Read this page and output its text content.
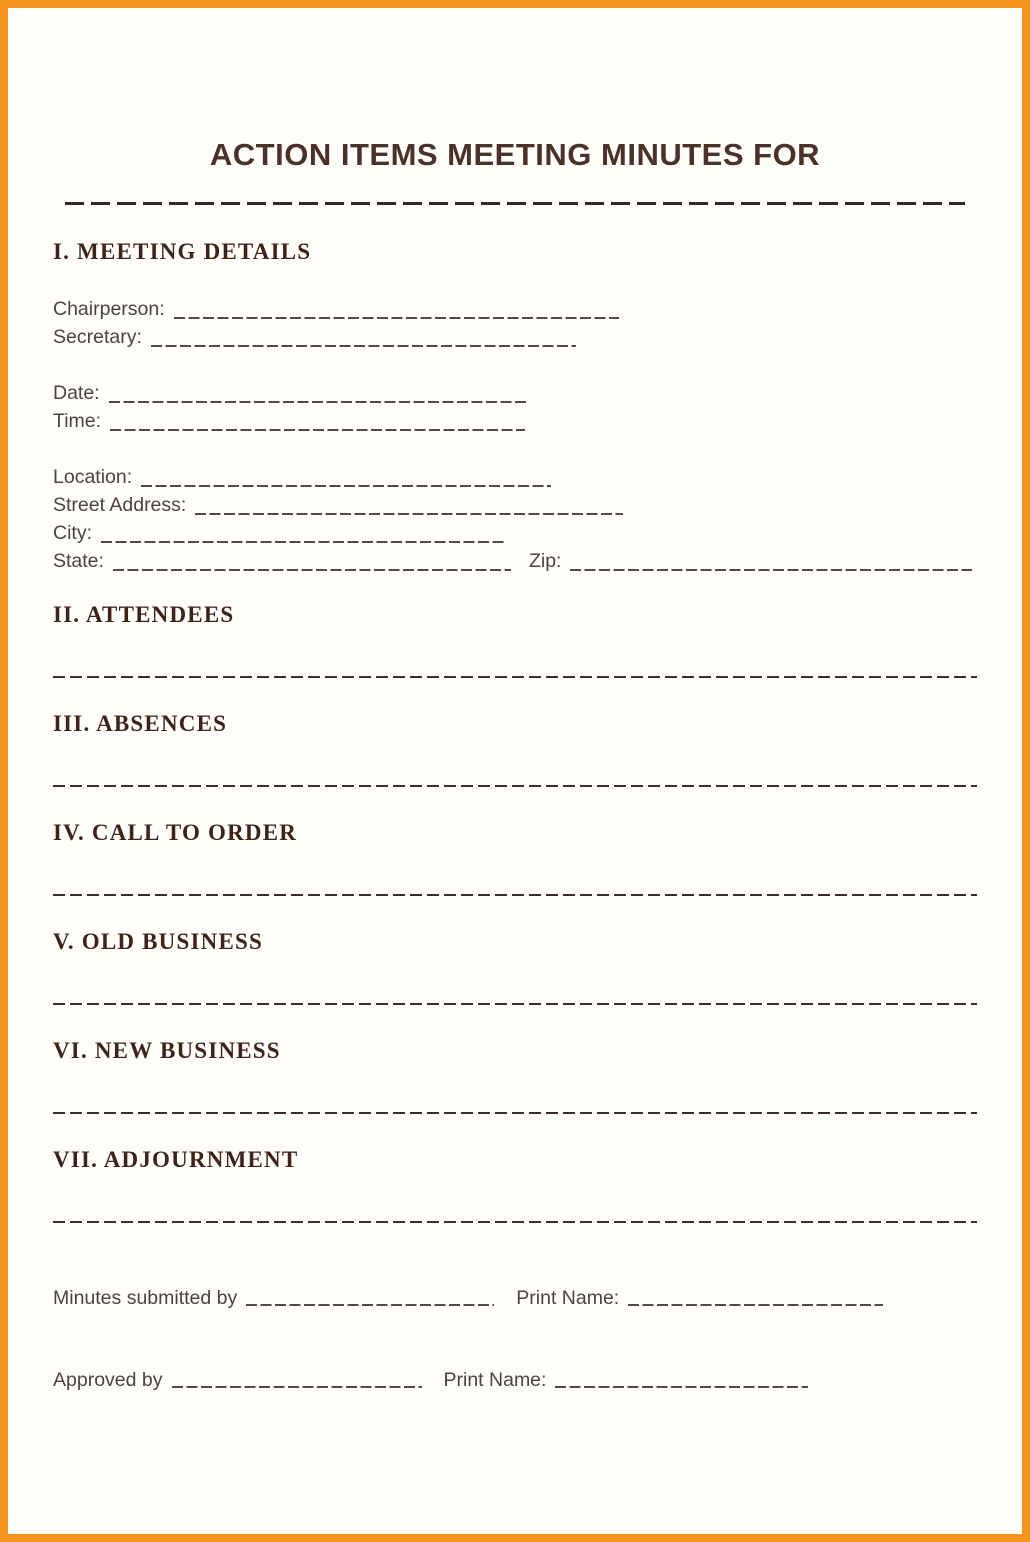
ACTION ITEMS MEETING MINUTES FOR
I. MEETING DETAILS
Chairperson:
Secretary:
Date:
Time:
Location:
Street Address:
City:
State:	Zip:
II. ATTENDEES
III. ABSENCES
IV. CALL TO ORDER
V. OLD BUSINESS
VI. NEW BUSINESS
VII. ADJOURNMENT
Minutes submitted by	Print Name:
Approved by	Print Name:
